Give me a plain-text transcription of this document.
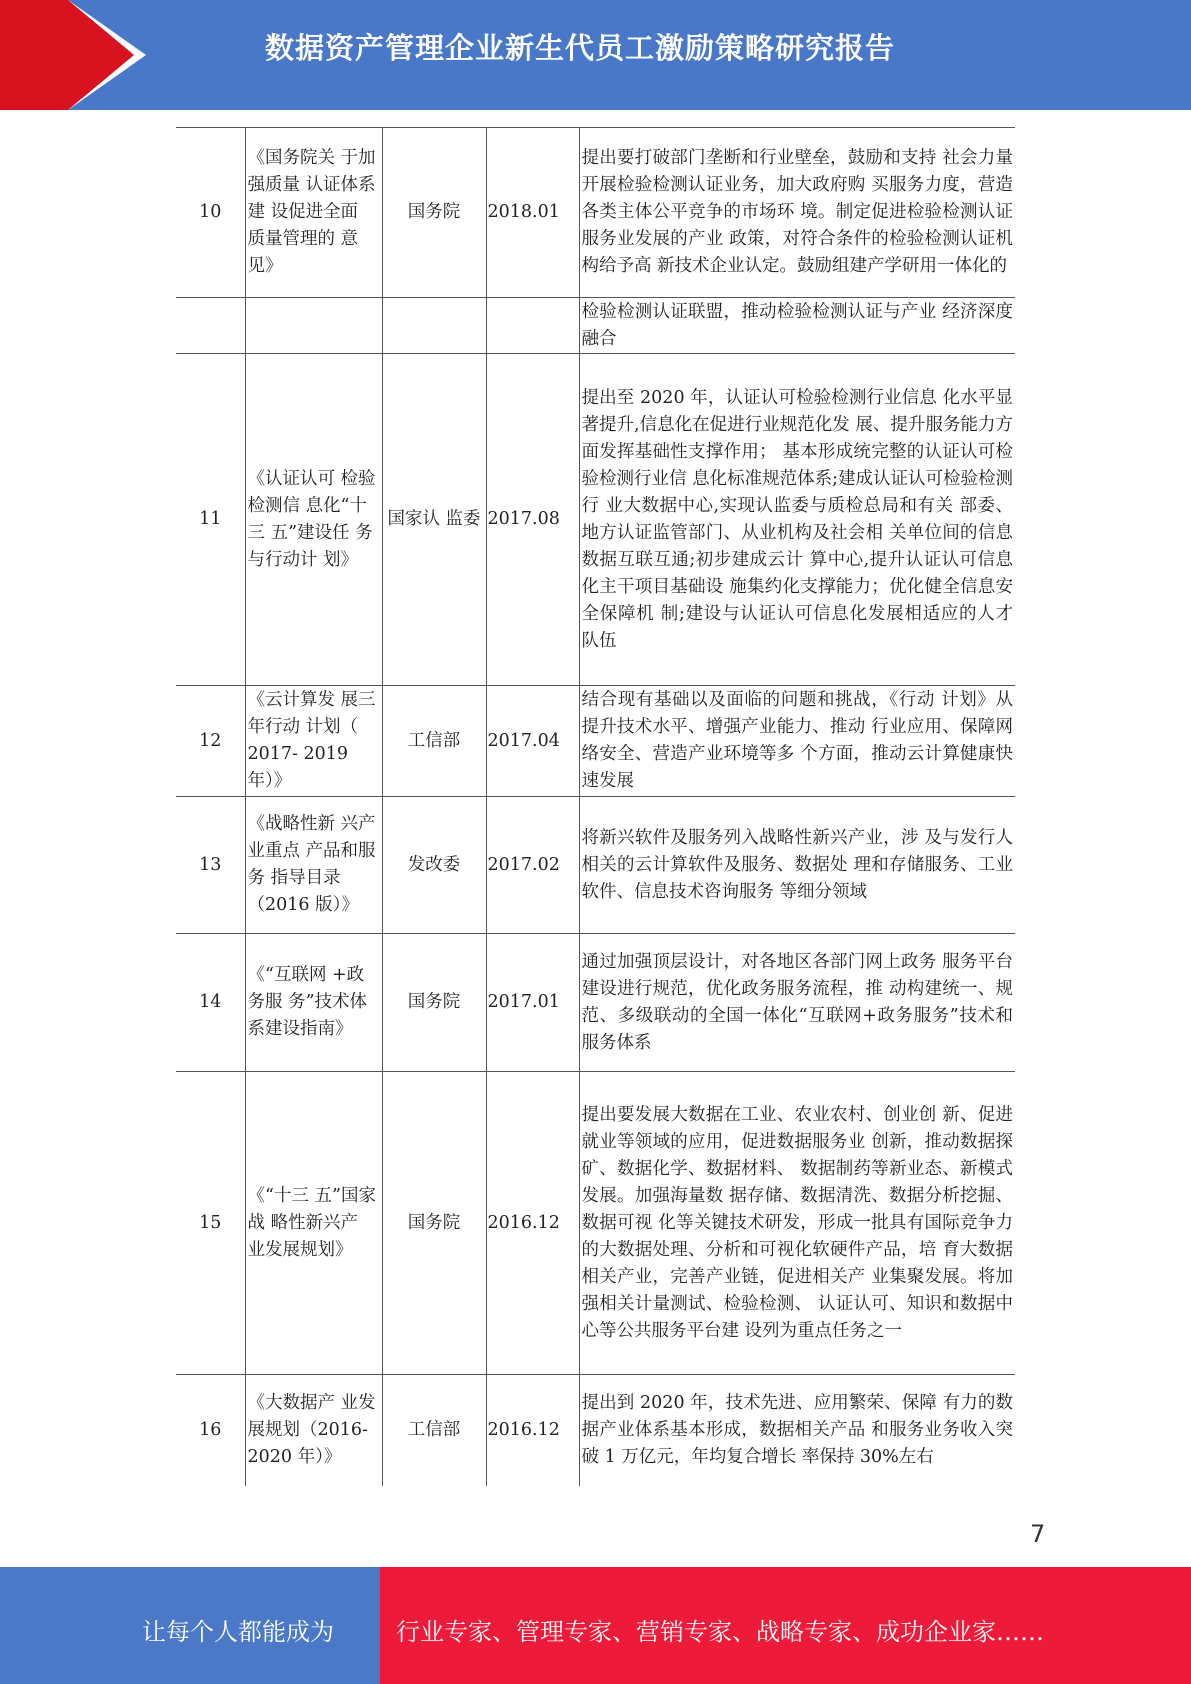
数据资产管理企业新生代员工激励策略研究报告
10	《国务院关 于加强质量 认证体系建 设促进全面 质量管理的 意见》	国务院	2018.01	提出要打破部门垄断和行业壁垒，鼓励和支持 社会力量开展检验检测认证业务，加大政府购 买服务力度，营造各类主体公平竞争的市场环 境。制定促进检验检测认证服务业发展的产业 政策，对符合条件的检验检测认证机构给予高 新技术企业认定。鼓励组建产学研用一体化的
				检验检测认证联盟，推动检验检测认证与产业 经济深度融合
11	《认证认可 检验检测信 息化“十三 五”建设任 务与行动计 划》	国家认 监委	2017.08	提出至 2020 年，认证认可检验检测行业信息 化水平显著提升,信息化在促进行业规范化发 展、提升服务能力方面发挥基础性支撑作用； 基本形成统完整的认证认可检验检测行业信 息化标准规范体系;建成认证认可检验检测行 业大数据中心,实现认监委与质检总局和有关 部委、地方认证监管部门、从业机构及社会相 关单位间的信息数据互联互通;初步建成云计 算中心,提升认证认可信息化主干项目基础设 施集约化支撑能力；优化健全信息安全保障机 制;建设与认证认可信息化发展相适应的人才 队伍
12	《云计算发 展三年行动 计划（ 2017- 2019 年）》	工信部	2017.04	结合现有基础以及面临的问题和挑战，《行动 计划》从提升技术水平、增强产业能力、推动 行业应用、保障网络安全、营造产业环境等多 个方面，推动云计算健康快速发展
13	《战略性新 兴产业重点 产品和服务 指导目录（2016 版）》	发改委	2017.02	将新兴软件及服务列入战略性新兴产业，涉 及与发行人相关的云计算软件及服务、数据处 理和存储服务、工业软件、信息技术咨询服务 等细分领域
14	《“互联网 +政务服 务”技术体 系建设指南》	国务院	2017.01	通过加强顶层设计，对各地区各部门网上政务 服务平台建设进行规范，优化政务服务流程，推 动构建统一、规范、多级联动的全国一体化“互联网+政务服务”技术和服务体系
15	《“十三 五”国家战 略性新兴产 业发展规划》	国务院	2016.12	提出要发展大数据在工业、农业农村、创业创 新、促进就业等领域的应用，促进数据服务业 创新，推动数据探矿、数据化学、数据材料、 数据制药等新业态、新模式发展。加强海量数 据存储、数据清洗、数据分析挖掘、数据可视 化等关键技术研发，形成一批具有国际竞争力 的大数据处理、分析和可视化软硬件产品，培 育大数据相关产业，完善产业链，促进相关产 业集聚发展。将加强相关计量测试、检验检测、 认证认可、知识和数据中心等公共服务平台建 设列为重点任务之一
16	《大数据产 业发展规划（2016-2020 年）》	工信部	2016.12	提出到 2020 年，技术先进、应用繁荣、保障 有力的数据产业体系基本形成，数据相关产品 和服务业务收入突破 1 万亿元，年均复合增长 率保持 30%左右
7
让每个人都能成为	行业专家、管理专家、营销专家、战略专家、成功企业家……
